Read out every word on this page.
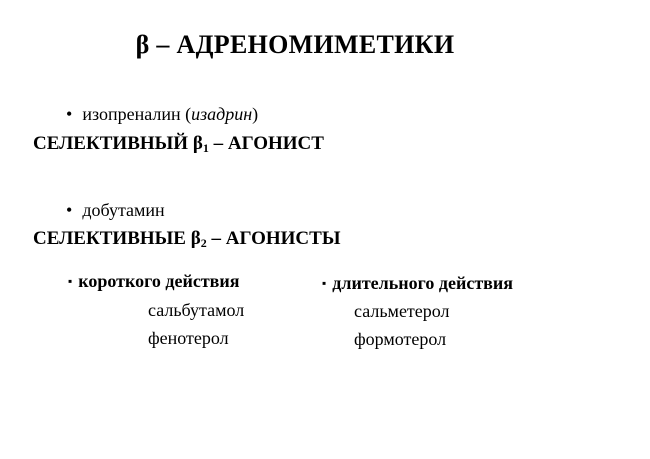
β – АДРЕНОМИМЕТИКИ
• изопреналин (изадрин)
СЕЛЕКТИВНЫЙ $\beta_1$ – АГОНИСТ
• добутамин
СЕЛЕКТИВНЫЕ $\beta_2$ – АГОНИСТЫ
▪ короткого действия
сальбутамол
фенотерол
▪ длительного действия
сальметерол
формотерол
